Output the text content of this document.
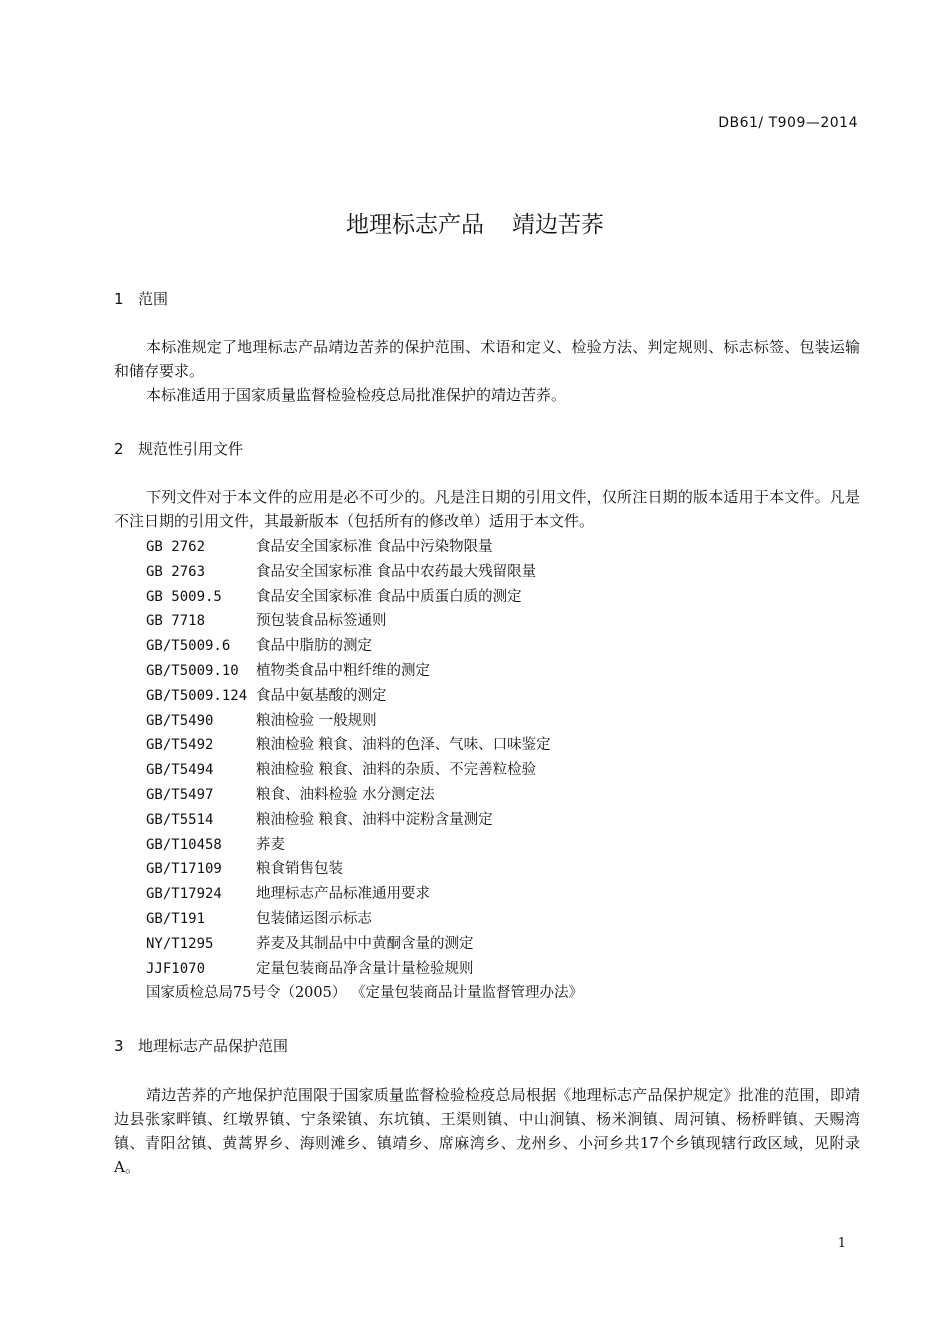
DB61/ T909—2014
地理标志产品 靖边苦荞
1 范围

本标准规定了地理标志产品靖边苦荞的保护范围、术语和定义、检验方法、判定规则、标志标签、包装运输和储存要求。

本标准适用于国家质量监督检验检疫总局批准保护的靖边苦荞。

2 规范性引用文件

下列文件对于本文件的应用是必不可少的。凡是注日期的引用文件，仅所注日期的版本适用于本文件。凡是不注日期的引用文件，其最新版本（包括所有的修改单）适用于本文件。

GB 2762	食品安全国家标准 食品中污染物限量
GB 2763	食品安全国家标准 食品中农药最大残留限量
GB 5009.5 食品安全国家标准 食品中质蛋白质的测定
GB 7718	预包装食品标签通则
GB/T5009.6 食品中脂肪的测定
GB/T5009.10 植物类食品中粗纤维的测定
GB/T5009.124 食品中氨基酸的测定
GB/T5490	粮油检验 一般规则
GB/T5492	粮油检验 粮食、油料的色泽、气味、口味鉴定
GB/T5494	粮油检验 粮食、油料的杂质、不完善粒检验
GB/T5497	粮食、油料检验 水分测定法
GB/T5514	粮油检验 粮食、油料中淀粉含量测定
GB/T10458 荞麦
GB/T17109 粮食销售包装
GB/T17924 地理标志产品标准通用要求
GB/T191	包装储运图示标志
NY/T1295	荞麦及其制品中中黄酮含量的测定
JJF1070	定量包装商品净含量计量检验规则
国家质检总局75号令（2005） 《定量包装商品计量监督管理办法》
3 地理标志产品保护范围

靖边苦荞的产地保护范围限于国家质量监督检验检疫总局根据《地理标志产品保护规定》批准的范围，即靖边县张家畔镇、红墩界镇、宁条梁镇、东坑镇、王渠则镇、中山涧镇、杨米涧镇、周河镇、杨桥畔镇、天赐湾镇、青阳岔镇、黄蒿界乡、海则滩乡、镇靖乡、席麻湾乡、龙州乡、小河乡共17个乡镇现辖行政区域，见附录A。

1
